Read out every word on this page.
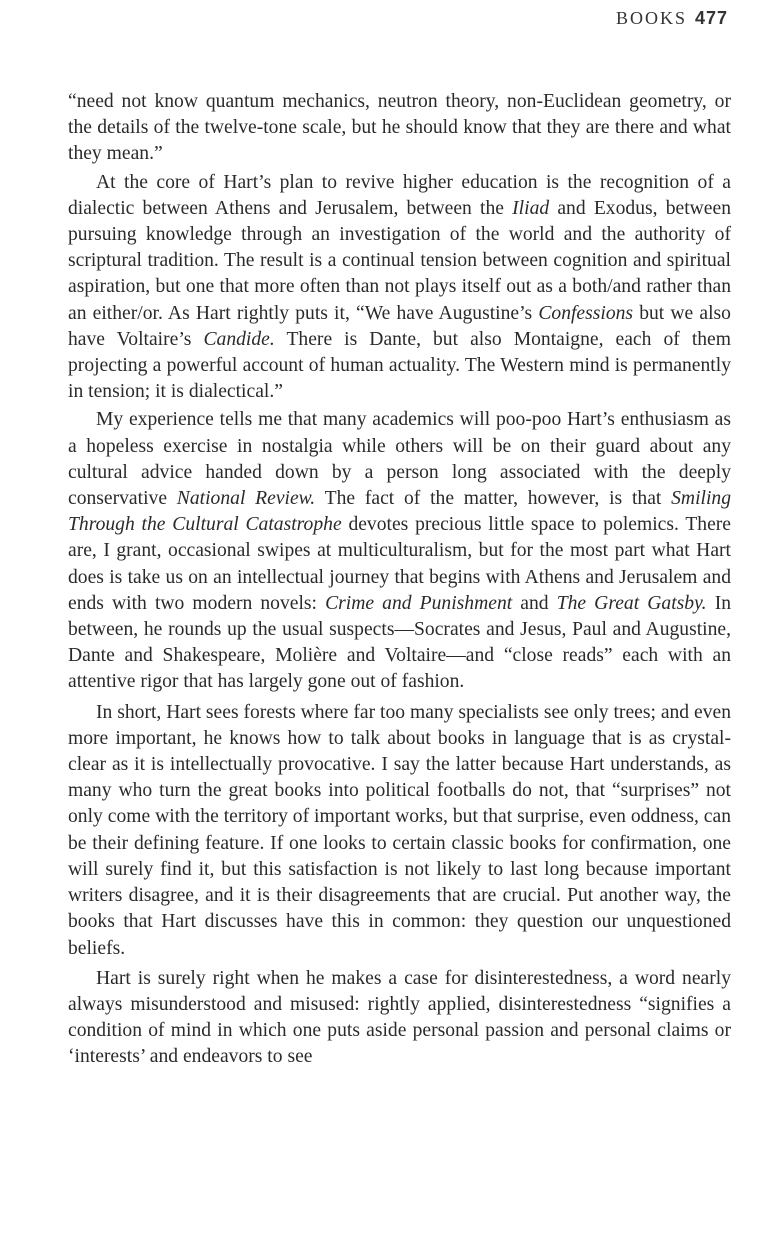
BOOKS 477

“need not know quantum mechanics, neutron theory, non-Euclidean geometry, or the details of the twelve-tone scale, but he should know that they are there and what they mean.”

At the core of Hart’s plan to revive higher education is the recognition of a dialectic between Athens and Jerusalem, between the Iliad and Exodus, between pursuing knowledge through an investigation of the world and the authority of scriptural tradition. The result is a continual tension between cognition and spiritual aspiration, but one that more often than not plays itself out as a both/and rather than an either/or. As Hart rightly puts it, “We have Augustine’s Confessions but we also have Voltaire’s Candide. There is Dante, but also Montaigne, each of them projecting a powerful account of human actuality. The Western mind is permanently in tension; it is dialectical.”

My experience tells me that many academics will poo-poo Hart’s enthusiasm as a hopeless exercise in nostalgia while others will be on their guard about any cultural advice handed down by a person long associated with the deeply conservative National Review. The fact of the matter, however, is that Smiling Through the Cultural Catastrophe devotes precious little space to polemics. There are, I grant, occasional swipes at multiculturalism, but for the most part what Hart does is take us on an intellectual journey that begins with Athens and Jerusalem and ends with two modern novels: Crime and Punishment and The Great Gatsby. In between, he rounds up the usual suspects—Socrates and Jesus, Paul and Augustine, Dante and Shakespeare, Molière and Voltaire—and “close reads” each with an attentive rigor that has largely gone out of fashion.

In short, Hart sees forests where far too many specialists see only trees; and even more important, he knows how to talk about books in language that is as crystal-clear as it is intellectually provocative. I say the latter because Hart understands, as many who turn the great books into political footballs do not, that “surprises” not only come with the territory of important works, but that surprise, even oddness, can be their defining feature. If one looks to certain classic books for confirmation, one will surely find it, but this satisfaction is not likely to last long because important writers disagree, and it is their disagreements that are crucial. Put another way, the books that Hart discusses have this in common: they question our unquestioned beliefs.

Hart is surely right when he makes a case for disinterestedness, a word nearly always misunderstood and misused: rightly applied, disinterestedness “signifies a condition of mind in which one puts aside personal passion and personal claims or ‘interests’ and endeavors to see
